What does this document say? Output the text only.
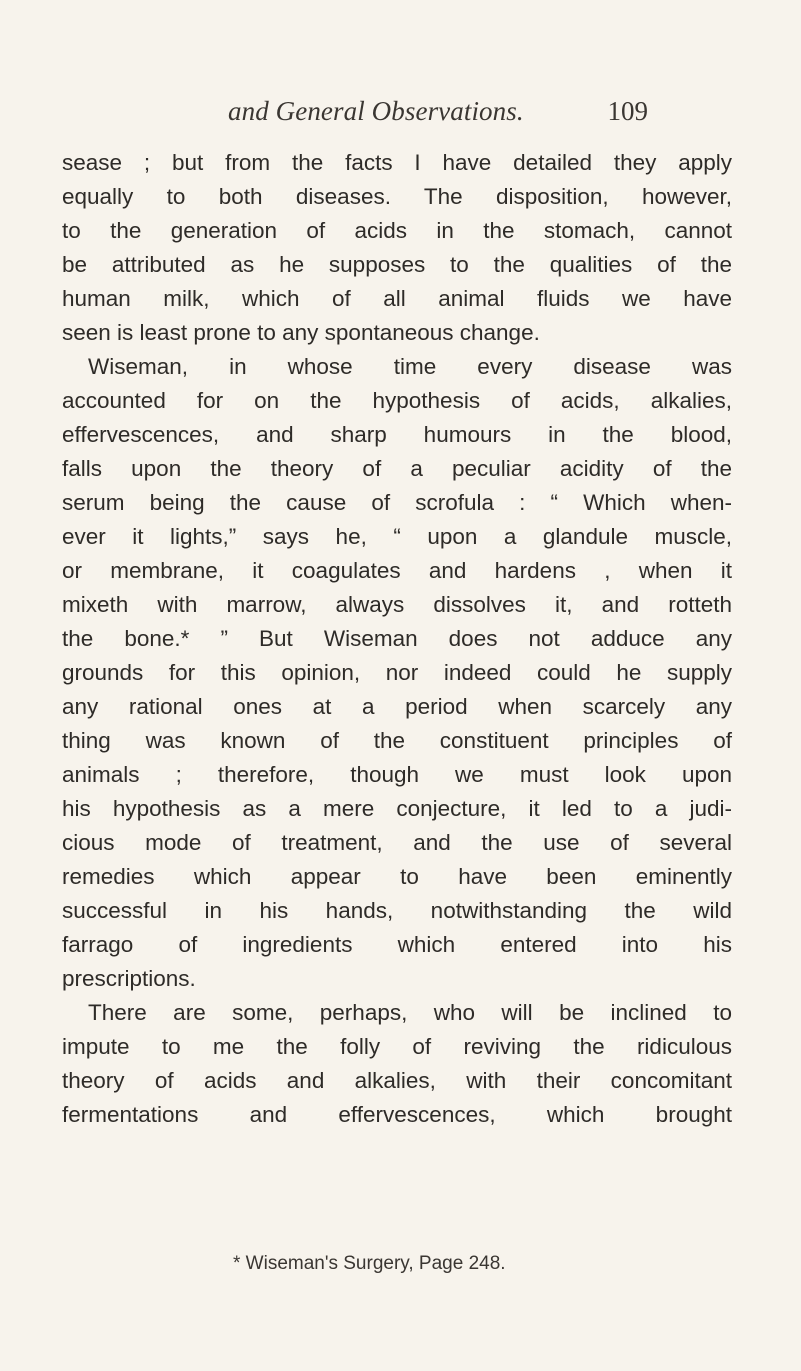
and General Observations.	109
sease ; but from the facts I have detailed they apply
equally to both diseases. The disposition, however,
to the generation of acids in the stomach, cannot
be attributed as he supposes to the qualities of the
human milk, which of all animal fluids we have
seen is least prone to any spontaneous change.
Wiseman, in whose time every disease was
accounted for on the hypothesis of acids, alkalies,
effervescences, and sharp humours in the blood,
falls upon the theory of a peculiar acidity of the
serum being the cause of scrofula : “ Which when-
ever it lights,” says he, “ upon a glandule muscle,
or membrane, it coagulates and hardens , when it
mixeth with marrow, always dissolves it, and rotteth
the bone.* ” But Wiseman does not adduce any
grounds for this opinion, nor indeed could he supply
any rational ones at a period when scarcely any
thing was known of the constituent principles of
animals ; therefore, though we must look upon
his hypothesis as a mere conjecture, it led to a judi-
cious mode of treatment, and the use of several
remedies which appear to have been eminently
successful in his hands, notwithstanding the wild
farrago of ingredients which entered into his
prescriptions.
There are some, perhaps, who will be inclined to
impute to me the folly of reviving the ridiculous
theory of acids and alkalies, with their concomitant
fermentations and effervescences, which brought
* Wiseman's Surgery, Page 248.
